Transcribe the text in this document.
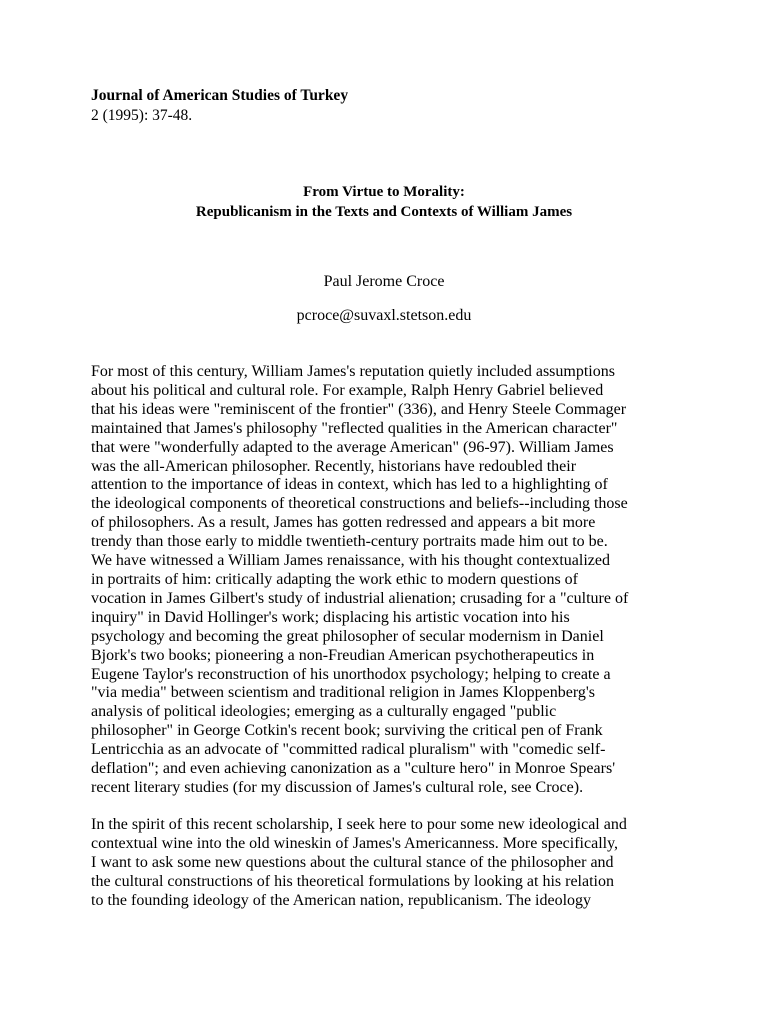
Journal of American Studies of Turkey
2 (1995): 37-48.
From Virtue to Morality:
Republicanism in the Texts and Contexts of William James
Paul Jerome Croce
pcroce@suvaxl.stetson.edu
For most of this century, William James's reputation quietly included assumptions
about his political and cultural role. For example, Ralph Henry Gabriel believed
that his ideas were "reminiscent of the frontier" (336), and Henry Steele Commager
maintained that James's philosophy "reflected qualities in the American character"
that were "wonderfully adapted to the average American" (96-97). William James
was the all-American philosopher. Recently, historians have redoubled their
attention to the importance of ideas in context, which has led to a highlighting of
the ideological components of theoretical constructions and beliefs--including those
of philosophers. As a result, James has gotten redressed and appears a bit more
trendy than those early to middle twentieth-century portraits made him out to be.
We have witnessed a William James renaissance, with his thought contextualized
in portraits of him: critically adapting the work ethic to modern questions of
vocation in James Gilbert's study of industrial alienation; crusading for a "culture of
inquiry" in David Hollinger's work; displacing his artistic vocation into his
psychology and becoming the great philosopher of secular modernism in Daniel
Bjork's two books; pioneering a non-Freudian American psychotherapeutics in
Eugene Taylor's reconstruction of his unorthodox psychology; helping to create a
"via media" between scientism and traditional religion in James Kloppenberg's
analysis of political ideologies; emerging as a culturally engaged "public
philosopher" in George Cotkin's recent book; surviving the critical pen of Frank
Lentricchia as an advocate of "committed radical pluralism" with "comedic self-
deflation"; and even achieving canonization as a "culture hero" in Monroe Spears'
recent literary studies (for my discussion of James's cultural role, see Croce).
In the spirit of this recent scholarship, I seek here to pour some new ideological and
contextual wine into the old wineskin of James's Americanness. More specifically,
I want to ask some new questions about the cultural stance of the philosopher and
the cultural constructions of his theoretical formulations by looking at his relation
to the founding ideology of the American nation, republicanism. The ideology
